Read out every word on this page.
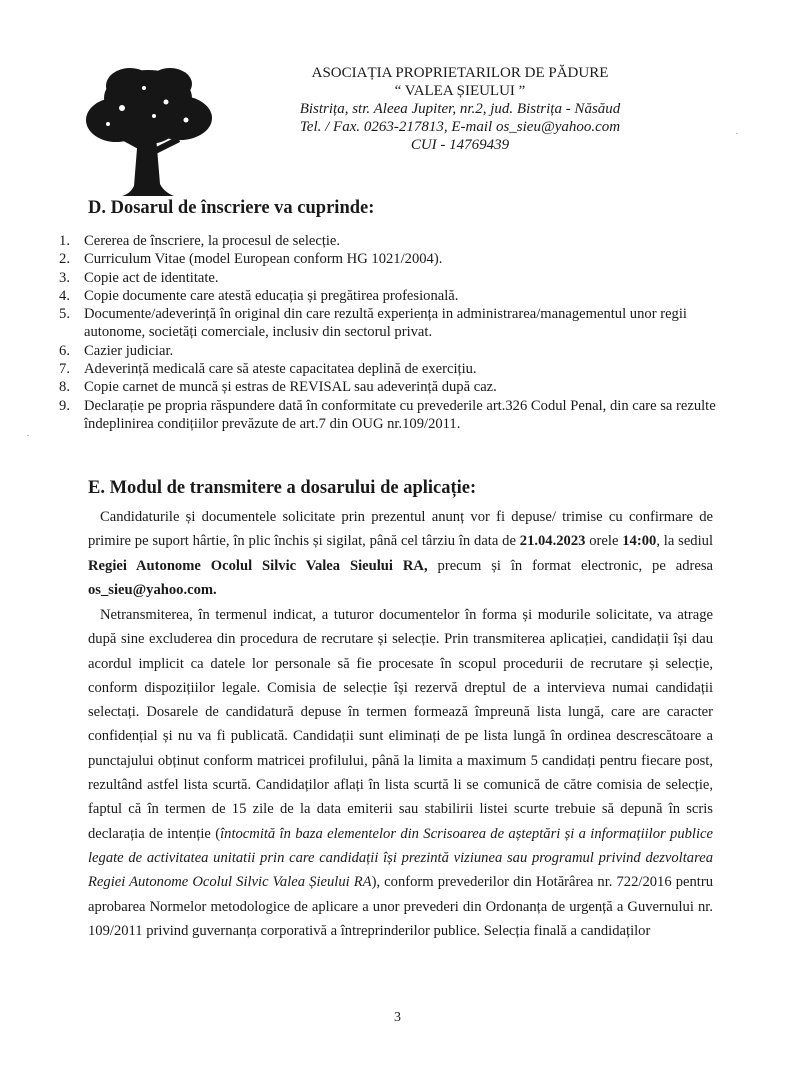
ASOCIAȚIA PROPRIETARILOR DE PĂDURE
“ VALEA ȘIEULUI ”
Bistrița, str. Aleea Jupiter, nr.2, jud. Bistrița - Năsăud
Tel. / Fax. 0263-217813, E-mail os_sieu@yahoo.com
CUI - 14769439
D. Dosarul de înscriere va cuprinde:
1. Cererea de înscriere, la procesul de selecție.
2. Curriculum Vitae (model European conform HG 1021/2004).
3. Copie act de identitate.
4. Copie documente care atestă educația și pregătirea profesională.
5. Documente/adeverință în original din care rezultă experiența in administrarea/managementul unor regii autonome, societăți comerciale, inclusiv din sectorul privat.
6. Cazier judiciar.
7. Adeverință medicală care să ateste capacitatea deplină de exercițiu.
8. Copie carnet de muncă și estras de REVISAL sau adeverință după caz.
9. Declarație pe propria răspundere dată în conformitate cu prevederile art.326 Codul Penal, din care sa rezulte îndeplinirea condițiilor prevăzute de art.7 din OUG nr.109/2011.
E. Modul de transmitere a dosarului de aplicație:

Candidaturile și documentele solicitate prin prezentul anunț vor fi depuse/ trimise cu confirmare de primire pe suport hârtie, în plic închis și sigilat, până cel târziu în data de 21.04.2023 orele 14:00, la sediul Regiei Autonome Ocolul Silvic Valea Sieului RA, precum și în format electronic, pe adresa os_sieu@yahoo.com.

Netransmiterea, în termenul indicat, a tuturor documentelor în forma și modurile solicitate, va atrage după sine excluderea din procedura de recrutare și selecție. Prin transmiterea aplicației, candidații își dau acordul implicit ca datele lor personale să fie procesate în scopul procedurii de recrutare și selecție, conform dispozițiilor legale. Comisia de selecție își rezervă dreptul de a intervieva numai candidații selectați. Dosarele de candidatură depuse în termen formează împreună lista lungă, care are caracter confidențial și nu va fi publicată. Candidații sunt eliminați de pe lista lungă în ordinea descrescătoare a punctajului obținut conform matricei profilului, până la limita a maximum 5 candidați pentru fiecare post, rezultând astfel lista scurtă. Candidaților aflați în lista scurtă li se comunică de către comisia de selecție, faptul că în termen de 15 zile de la data emiterii sau stabilirii listei scurte trebuie să depună în scris declarația de intenție (întocmită în baza elementelor din Scrisoarea de așteptări și a informațiilor publice legate de activitatea unitatii prin care candidații își prezintă viziunea sau programul privind dezvoltarea Regiei Autonome Ocolul Silvic Valea Șieului RA), conform prevederilor din Hotărârea nr. 722/2016 pentru aprobarea Normelor metodologice de aplicare a unor prevederi din Ordonanța de urgență a Guvernului nr. 109/2011 privind guvernanța corporativă a întreprinderilor publice. Selecția finală a candidaților

3
·
·
